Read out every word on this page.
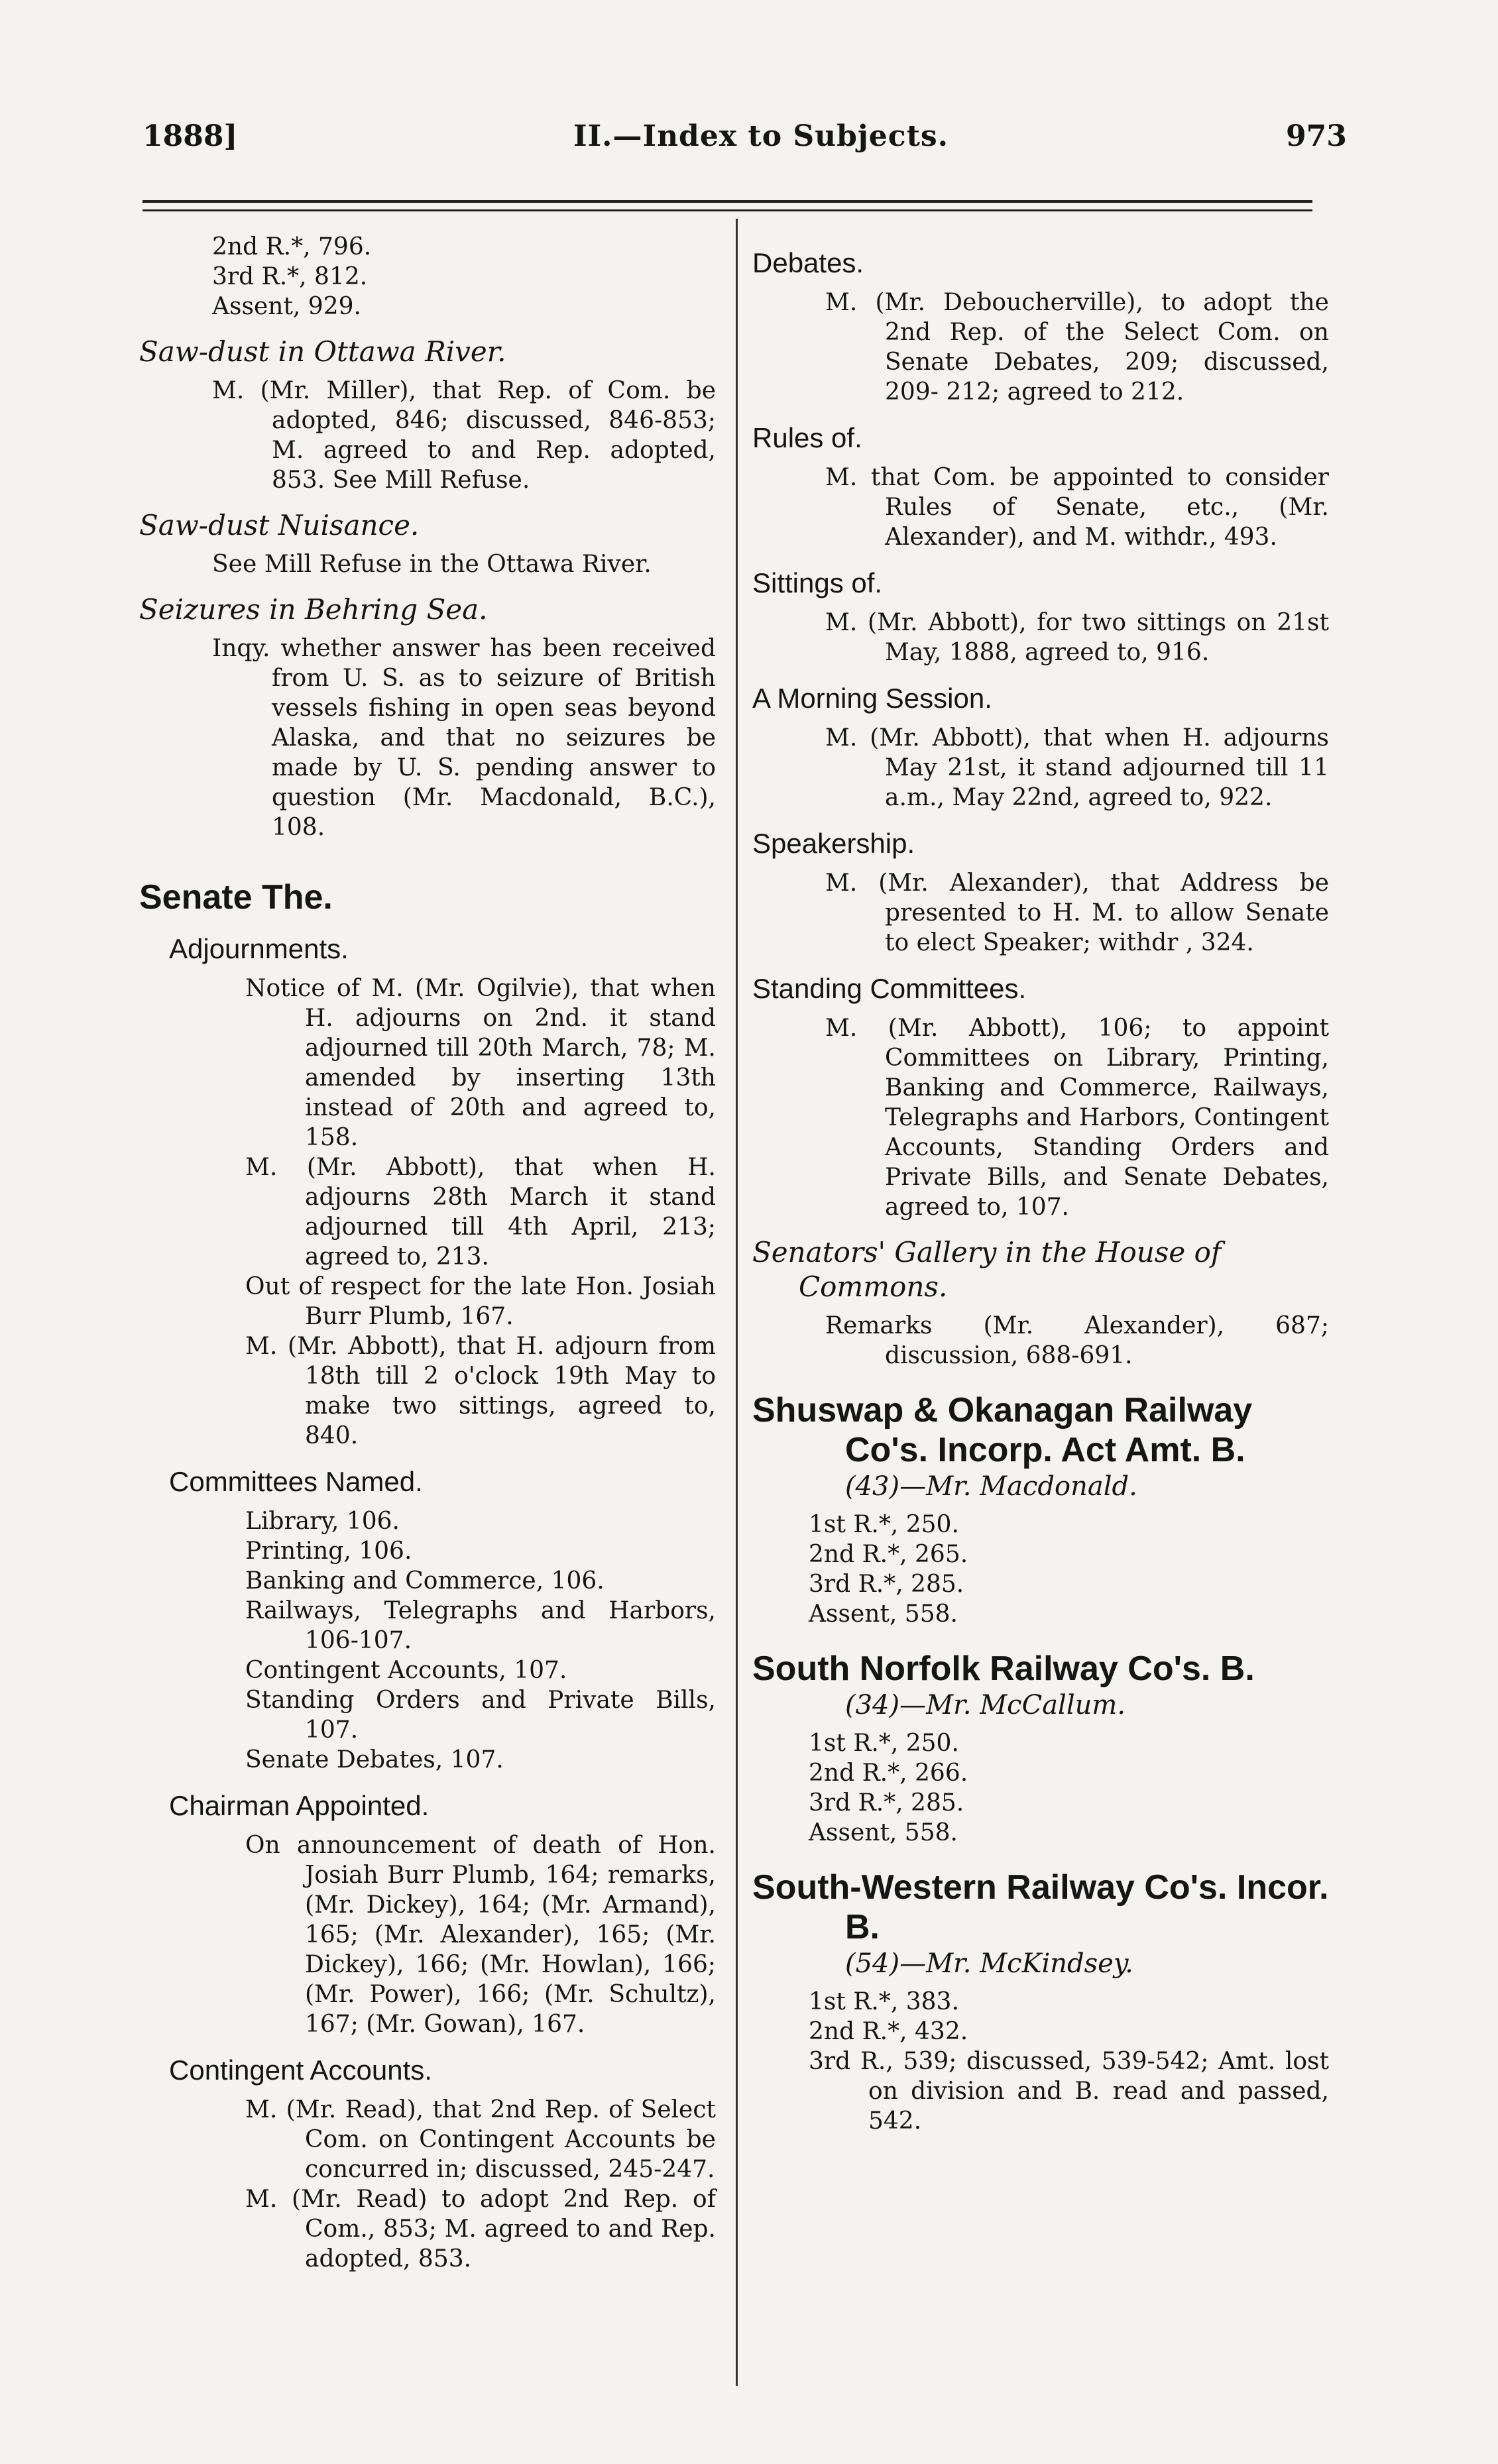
1888]	II.—Index to Subjects.	973
2nd R.*, 796.
3rd R.*, 812.
Assent, 929.
Saw-dust in Ottawa River.
M. (Mr. Miller), that Rep. of Com. be adopted, 846; discussed, 846-853; M. agreed to and Rep. adopted, 853. See Mill Refuse.
Saw-dust Nuisance.
See Mill Refuse in the Ottawa River.
Seizures in Behring Sea.
Inqy. whether answer has been received from U. S. as to seizure of British vessels fishing in open seas beyond Alaska, and that no seizures be made by U. S. pending answer to question (Mr. Macdonald, B.C.), 108.
Senate The.
Adjournments.
Notice of M. (Mr. Ogilvie), that when H. adjourns on 2nd. it stand adjourned till 20th March, 78; M. amended by inserting 13th instead of 20th and agreed to, 158.
M. (Mr. Abbott), that when H. adjourns 28th March it stand adjourned till 4th April, 213; agreed to, 213.
Out of respect for the late Hon. Josiah Burr Plumb, 167.
M. (Mr. Abbott), that H. adjourn from 18th till 2 o'clock 19th May to make two sittings, agreed to, 840.
Committees Named.
Library, 106.
Printing, 106.
Banking and Commerce, 106.
Railways, Telegraphs and Harbors, 106-107.
Contingent Accounts, 107.
Standing Orders and Private Bills, 107.
Senate Debates, 107.
Chairman Appointed.
On announcement of death of Hon. Josiah Burr Plumb, 164; remarks, (Mr. Dickey), 164; (Mr. Armand), 165; (Mr. Alexander), 165; (Mr. Dickey), 166; (Mr. Howlan), 166; (Mr. Power), 166; (Mr. Schultz), 167; (Mr. Gowan), 167.
Contingent Accounts.
M. (Mr. Read), that 2nd Rep. of Select Com. on Contingent Accounts be concurred in; discussed, 245-247.
M. (Mr. Read) to adopt 2nd Rep. of Com., 853; M. agreed to and Rep. adopted, 853.
Debates.
M. (Mr. Deboucherville), to adopt the 2nd Rep. of the Select Com. on Senate Debates, 209; discussed, 209- 212; agreed to 212.
Rules of.
M. that Com. be appointed to consider Rules of Senate, etc., (Mr. Alexander), and M. withdr., 493.
Sittings of.
M. (Mr. Abbott), for two sittings on 21st May, 1888, agreed to, 916.
A Morning Session.
M. (Mr. Abbott), that when H. adjourns May 21st, it stand adjourned till 11 a.m., May 22nd, agreed to, 922.
Speakership.
M. (Mr. Alexander), that Address be presented to H. M. to allow Senate to elect Speaker; withdr , 324.
Standing Committees.
M. (Mr. Abbott), 106; to appoint Committees on Library, Printing, Banking and Commerce, Railways, Telegraphs and Harbors, Contingent Accounts, Standing Orders and Private Bills, and Senate Debates, agreed to, 107.
Senators' Gallery in the House of Commons.
Remarks (Mr. Alexander), 687; discussion, 688-691.
Shuswap & Okanagan Railway Co's. Incorp. Act Amt. B.
(43)—Mr. Macdonald.
1st R.*, 250.
2nd R.*, 265.
3rd R.*, 285.
Assent, 558.
South Norfolk Railway Co's. B.
(34)—Mr. McCallum.
1st R.*, 250.
2nd R.*, 266.
3rd R.*, 285.
Assent, 558.
South-Western Railway Co's. Incor. B.
(54)—Mr. McKindsey.
1st R.*, 383.
2nd R.*, 432.
3rd R., 539; discussed, 539-542; Amt. lost on division and B. read and passed, 542.
